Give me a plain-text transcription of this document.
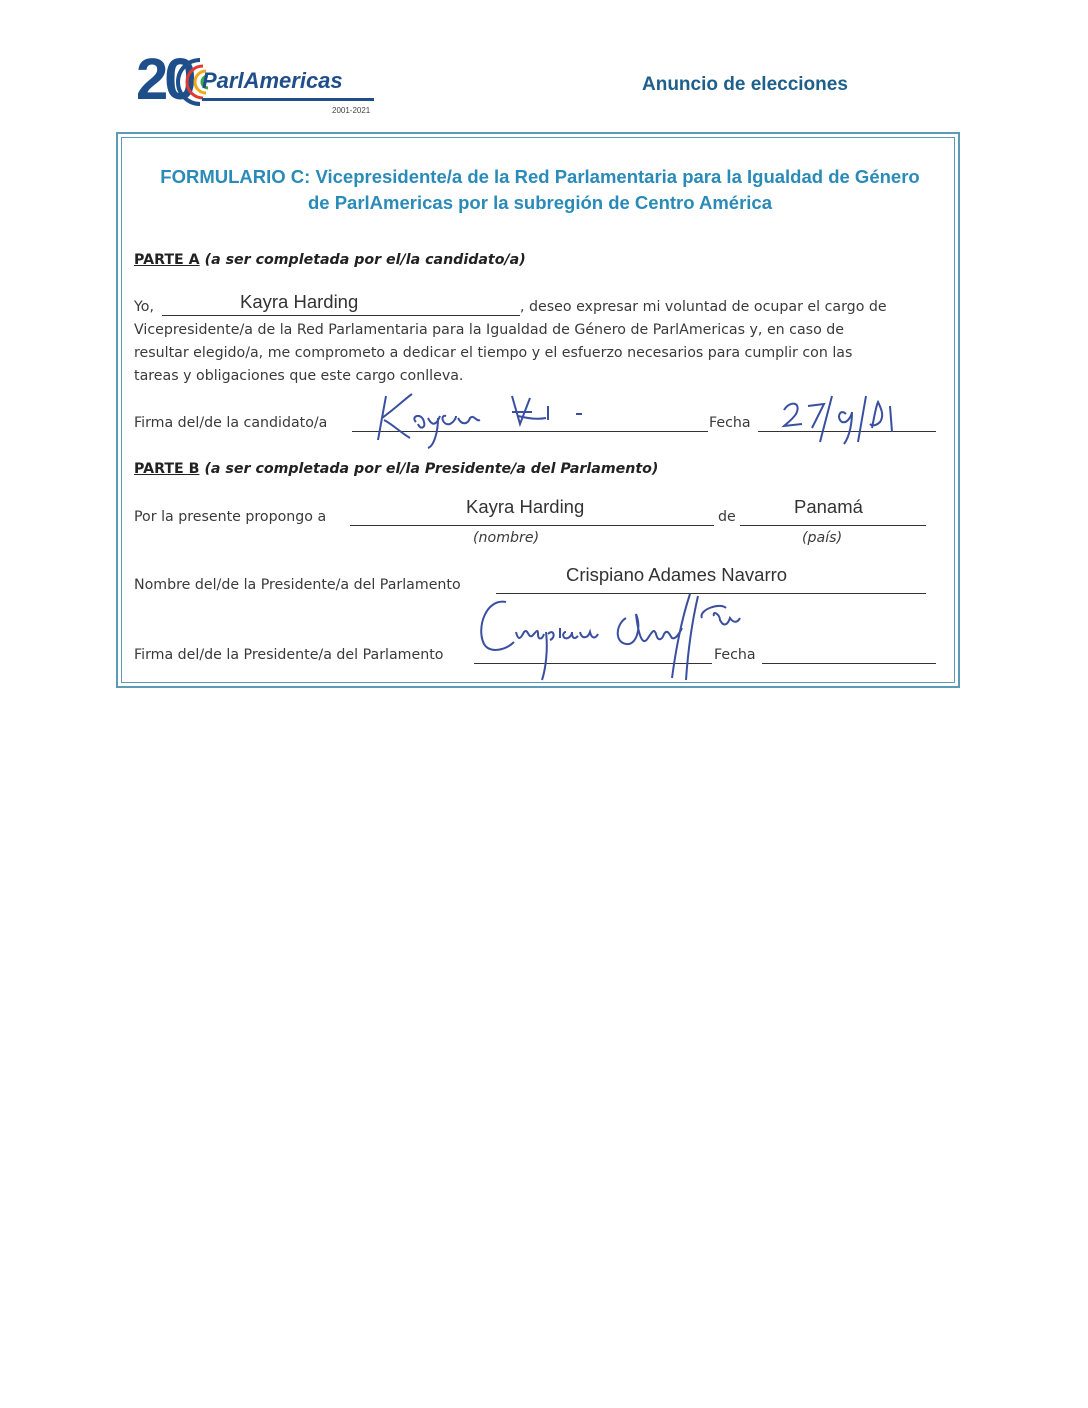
20 ParlAmericas
2001-2021
Anuncio de elecciones
FORMULARIO C: Vicepresidente/a de la Red Parlamentaria para la Igualdad de Género
de ParlAmericas por la subregión de Centro América
PARTE A (a ser completada por el/la candidato/a)
Yo,	Kayra Harding	, deseo expresar mi voluntad de ocupar el cargo de
Vicepresidente/a de la Red Parlamentaria para la Igualdad de Género de ParlAmericas y, en caso de
resultar elegido/a, me comprometo a dedicar el tiempo y el esfuerzo necesarios para cumplir con las
tareas y obligaciones que este cargo conlleva.
Firma del/de la candidato/a	Fecha
PARTE B (a ser completada por el/la Presidente/a del Parlamento)
Por la presente propongo a	Kayra Harding	de	Panamá
(nombre)	(país)
Nombre del/de la Presidente/a del Parlamento	Crispiano Adames Navarro
Firma del/de la Presidente/a del Parlamento	Fecha
